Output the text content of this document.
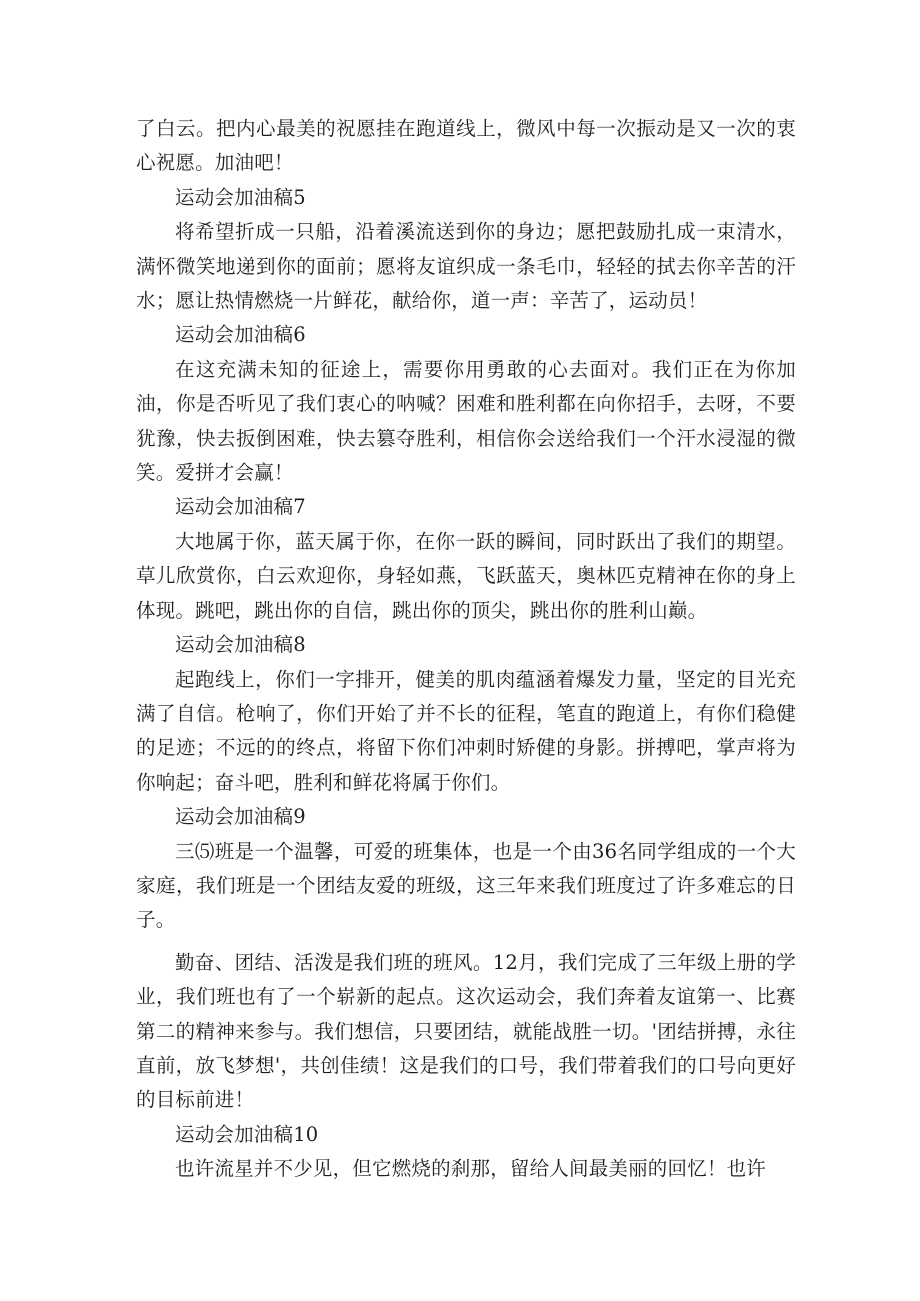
了白云。把内心最美的祝愿挂在跑道线上，微风中每一次振动是又一次的衷心祝愿。加油吧！

运动会加油稿5

将希望折成一只船，沿着溪流送到你的身边；愿把鼓励扎成一束清水，满怀微笑地递到你的面前；愿将友谊织成一条毛巾，轻轻的拭去你辛苦的汗水；愿让热情燃烧一片鲜花，献给你，道一声：辛苦了，运动员！

运动会加油稿6

在这充满未知的征途上，需要你用勇敢的心去面对。我们正在为你加油，你是否听见了我们衷心的呐喊？困难和胜利都在向你招手，去呀，不要犹豫，快去扳倒困难，快去篡夺胜利，相信你会送给我们一个汗水浸湿的微笑。爱拼才会赢！

运动会加油稿7

大地属于你，蓝天属于你，在你一跃的瞬间，同时跃出了我们的期望。草儿欣赏你，白云欢迎你，身轻如燕，飞跃蓝天，奥林匹克精神在你的身上体现。跳吧，跳出你的自信，跳出你的顶尖，跳出你的胜利山巅。

运动会加油稿8

起跑线上，你们一字排开，健美的肌肉蕴涵着爆发力量，坚定的目光充满了自信。枪响了，你们开始了并不长的征程，笔直的跑道上，有你们稳健的足迹；不远的的终点，将留下你们冲刺时矫健的身影。拼搏吧，掌声将为你响起；奋斗吧，胜利和鲜花将属于你们。

运动会加油稿9

三⑸班是一个温馨，可爱的班集体，也是一个由36名同学组成的一个大家庭，我们班是一个团结友爱的班级，这三年来我们班度过了许多难忘的日子。

勤奋、团结、活泼是我们班的班风。12月，我们完成了三年级上册的学业，我们班也有了一个崭新的起点。这次运动会，我们奔着友谊第一、比赛第二的精神来参与。我们想信，只要团结，就能战胜一切。'团结拼搏，永往直前，放飞梦想'，共创佳绩！这是我们的口号，我们带着我们的口号向更好的目标前进！

运动会加油稿10

也许流星并不少见，但它燃烧的刹那，留给人间最美丽的回忆！也许
